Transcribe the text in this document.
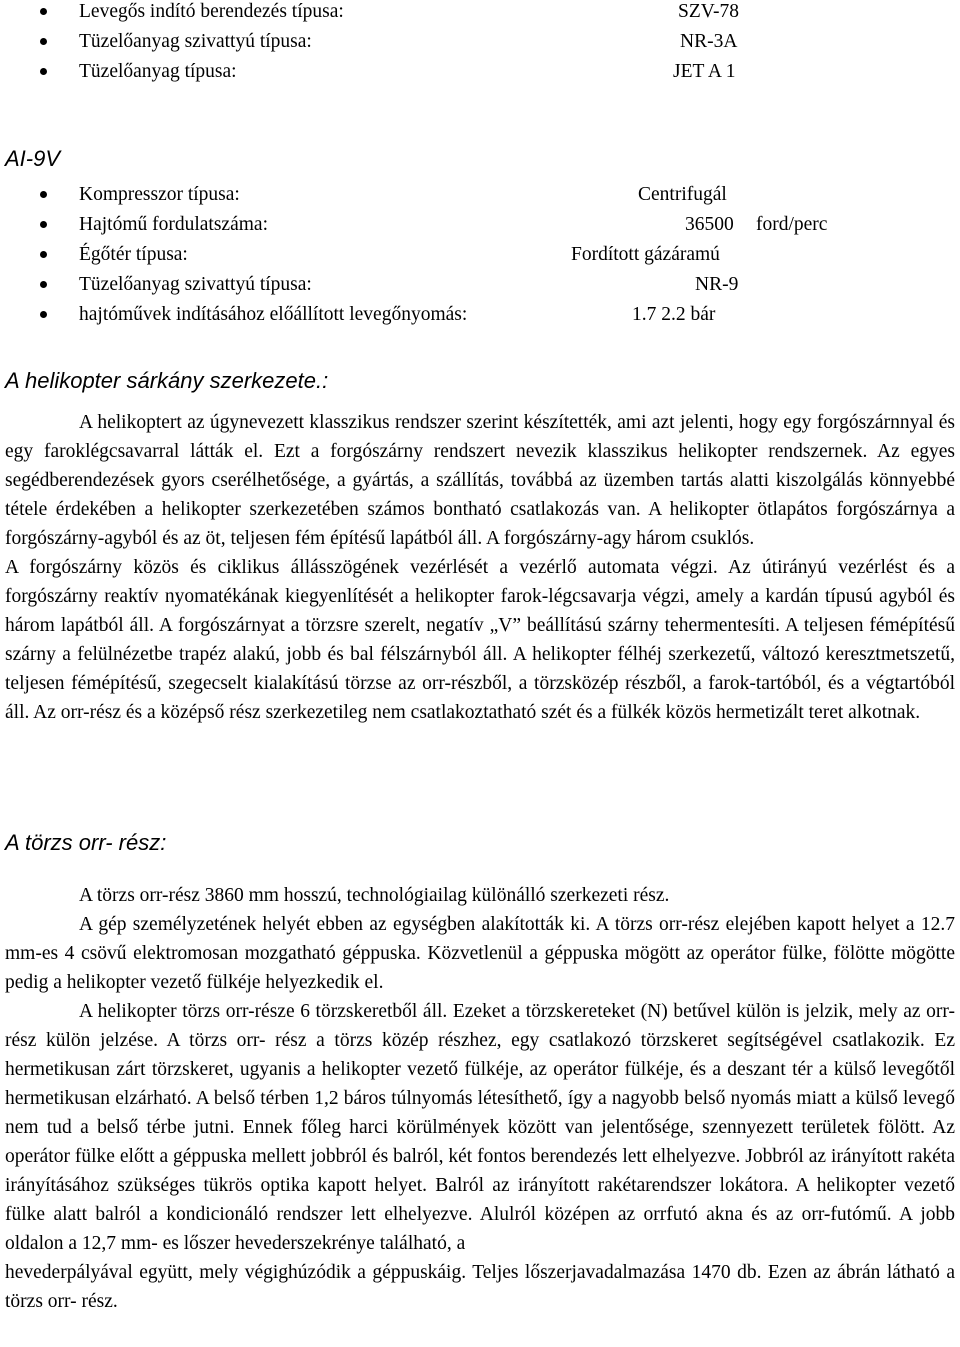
Levegős indító berendezés típusa:	SZV-78
Tüzelőanyag szivattyú típusa:	NR-3A
Tüzelőanyag típusa:	JET A 1
AI-9V
Kompresszor típusa:	Centrifugál
Hajtómű fordulatszáma:	36500 ford/perc
Égőtér típusa:	Fordított gázáramú
Tüzelőanyag szivattyú típusa:	NR-9
hajtóművek indításához előállított levegőnyomás:	1.7 2.2 bár
A helikopter sárkány szerkezete.:

A helikoptert az úgynevezett klasszikus rendszer szerint készítették, ami azt jelenti, hogy egy forgószárnnyal és egy faroklégcsavarral látták el. Ezt a forgószárny rendszert nevezik klasszikus helikopter rendszernek. Az egyes segédberendezések gyors cserélhetősége, a gyártás, a szállítás, továbbá az üzemben tartás alatti kiszolgálás könnyebbé tétele érdekében a helikopter szerkezetében számos bontható csatlakozás van. A helikopter ötlapátos forgószárnya a forgószárny-agyból és az öt, teljesen fém építésű lapátból áll. A forgószárny-agy három csuklós.

A forgószárny közös és ciklikus állásszögének vezérlését a vezérlő automata végzi. Az útirányú vezérlést és a forgószárny reaktív nyomatékának kiegyenlítését a helikopter farok-légcsavarja végzi, amely a kardán típusú agyból és három lapátból áll. A forgószárnyat a törzsre szerelt, negatív „V” beállítású szárny tehermentesíti. A teljesen fémépítésű szárny a felülnézetbe trapéz alakú, jobb és bal félszárnyból áll. A helikopter félhéj szerkezetű, változó keresztmetszetű, teljesen fémépítésű, szegecselt kialakítású törzse az orr-részből, a törzsközép részből, a farok-tartóból, és a végtartóból áll. Az orr-rész és a középső rész szerkezetileg nem csatlakoztatható szét és a fülkék közös hermetizált teret alkotnak.

A törzs orr- rész:

A törzs orr-rész 3860 mm hosszú, technológiailag különálló szerkezeti rész.

A gép személyzetének helyét ebben az egységben alakították ki. A törzs orr-rész elejében kapott helyet a 12.7 mm-es 4 csövű elektromosan mozgatható géppuska. Közvetlenül a géppuska mögött az operátor fülke, fölötte mögötte pedig a helikopter vezető fülkéje helyezkedik el.

A helikopter törzs orr-része 6 törzskeretből áll. Ezeket a törzskereteket (N) betűvel külön is jelzik, mely az orr- rész külön jelzése. A törzs orr- rész a törzs közép részhez, egy csatlakozó törzskeret segítségével csatlakozik. Ez hermetikusan zárt törzskeret, ugyanis a helikopter vezető fülkéje, az operátor fülkéje, és a deszant tér a külső levegőtől hermetikusan elzárható. A belső térben 1,2 báros túlnyomás létesíthető, így a nagyobb belső nyomás miatt a külső levegő nem tud a belső térbe jutni. Ennek főleg harci körülmények között van jelentősége, szennyezett területek fölött. Az operátor fülke előtt a géppuska mellett jobbról és balról, két fontos berendezés lett elhelyezve. Jobbról az irányított rakéta irányításához szükséges tükrös optika kapott helyet. Balról az irányított rakétarendszer lokátora. A helikopter vezető fülke alatt balról a kondicionáló rendszer lett elhelyezve. Alulról középen az orrfutó akna és az orr-futómű. A jobb oldalon a 12,7 mm- es lőszer hevederszekrénye található, a

hevederpályával együtt, mely végighúzódik a géppuskáig. Teljes lőszerjavadalmazása 1470 db. Ezen az ábrán látható a törzs orr- rész.
